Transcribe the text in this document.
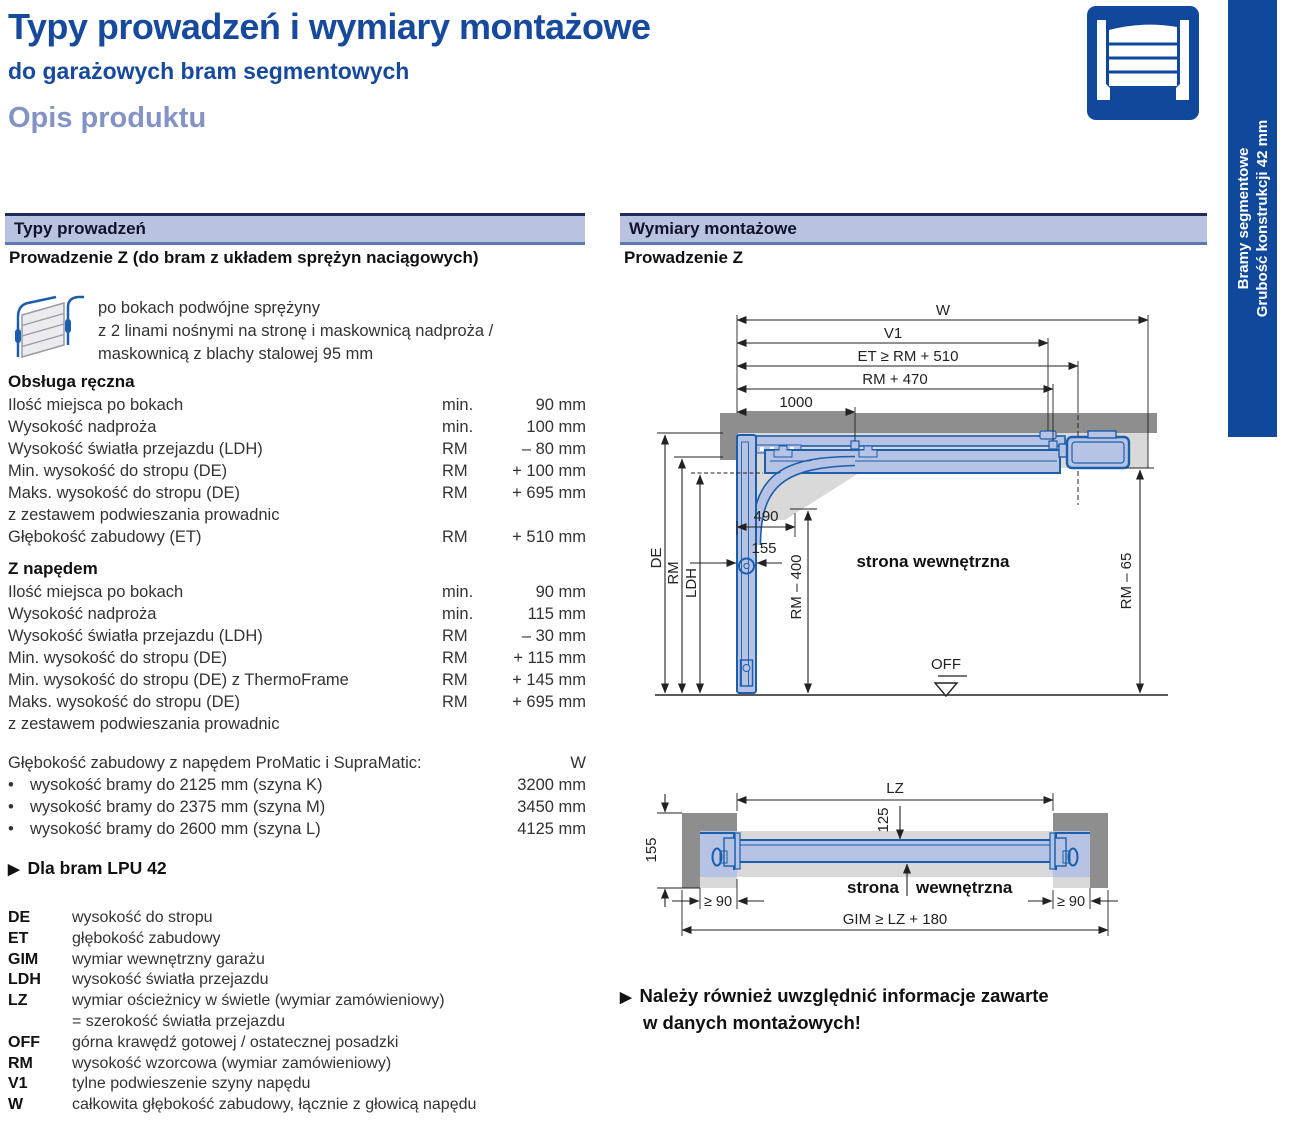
Typy prowadzeń i wymiary montażowe
do garażowych bram segmentowych
Opis produktu
Bramy segmentowe Grubość konstrukcji 42 mm
Typy prowadzeń
Prowadzenie Z (do bram z układem sprężyn naciągowych)
po bokach podwójne sprężyny
z 2 linami nośnymi na stronę i maskownicą nadproża /
maskownicą z blachy stalowej 95 mm
Obsługa ręczna
Ilość miejsca po bokach	min.	90 mm
Wysokość nadproża	min.	100 mm
Wysokość światła przejazdu (LDH)	RM	– 80 mm
Min. wysokość do stropu (DE)	RM	+ 100 mm
Maks. wysokość do stropu (DE)	RM	+ 695 mm
z zestawem podwieszania prowadnic
Głębokość zabudowy (ET)	RM	+ 510 mm
Z napędem
Ilość miejsca po bokach	min.	90 mm
Wysokość nadproża	min.	115 mm
Wysokość światła przejazdu (LDH)	RM	– 30 mm
Min. wysokość do stropu (DE)	RM	+ 115 mm
Min. wysokość do stropu (DE) z ThermoFrame	RM	+ 145 mm
Maks. wysokość do stropu (DE)	RM	+ 695 mm
z zestawem podwieszania prowadnic
Głębokość zabudowy z napędem ProMatic i SupraMatic:	W
• wysokość bramy do 2125 mm (szyna K)	3200 mm
• wysokość bramy do 2375 mm (szyna M)	3450 mm
• wysokość bramy do 2600 mm (szyna L)	4125 mm
▶ Dla bram LPU 42
DE	wysokość do stropu
ET	głębokość zabudowy
GIM	wymiar wewnętrzny garażu
LDH	wysokość światła przejazdu
LZ	wymiar ościeżnicy w świetle (wymiar zamówieniowy)
= szerokość światła przejazdu
OFF	górna krawędź gotowej / ostatecznej posadzki
RM	wysokość wzorcowa (wymiar zamówieniowy)
V1	tylne podwieszenie szyny napędu
W	całkowita głębokość zabudowy, łącznie z głowicą napędu
Wymiary montażowe
Prowadzenie Z
W
V1
ET ≥ RM + 510
RM + 470
1000
DE
RM LDH
490
155
RM – 400	RM – 65
strona wewnętrzna
OFF
LZ
125
155
≥ 90	≥ 90
strona wewnętrzna
GIM ≥ LZ + 180
▶ Należy również uwzględnić informacje zawarte
w danych montażowych!
